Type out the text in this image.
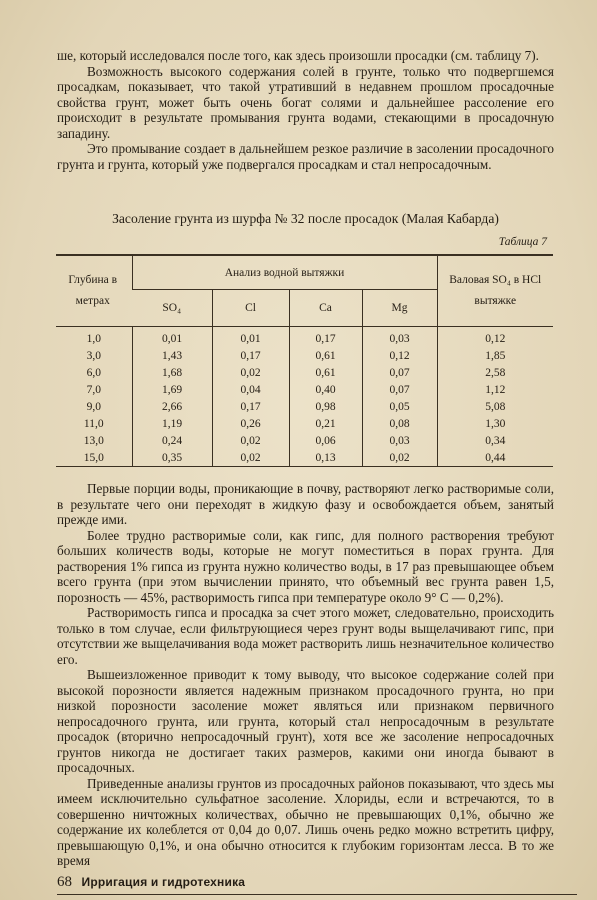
ше, который исследовался после того, как здесь произошли просадки (см. таблицу 7).

Возможность высокого содержания солей в грунте, только что подвергшемся просадкам, показывает, что такой утративший в недавнем прошлом просадочные свойства грунт, может быть очень богат солями и дальнейшее рассоление его происходит в результате промывания грунта водами, стекающими в просадочную западину.

Это промывание создает в дальнейшем резкое различие в засолении просадочного грунта и грунта, который уже подвергался просадкам и стал непросадочным.

Засоление грунта из шурфа № 32 после просадок (Малая Кабарда)
Таблица 7
Глубина в метрах	Анализ водной вытяжки				Валовая SO₄ в HCl вытяжке
	SO₄	Cl	Ca	Mg	
1,0	0,01	0,01	0,17	0,03	0,12
3,0	1,43	0,17	0,61	0,12	1,85
6,0	1,68	0,02	0,61	0,07	2,58
7,0	1,69	0,04	0,40	0,07	1,12
9,0	2,66	0,17	0,98	0,05	5,08
11,0	1,19	0,26	0,21	0,08	1,30
13,0	0,24	0,02	0,06	0,03	0,34
15,0	0,35	0,02	0,13	0,02	0,44

Первые порции воды, проникающие в почву, растворяют легко растворимые соли, в результате чего они переходят в жидкую фазу и освобождается объем, занятый прежде ими.

Более трудно растворимые соли, как гипс, для полного растворения требуют больших количеств воды, которые не могут поместиться в порах грунта. Для растворения 1% гипса из грунта нужно количество воды, в 17 раз превышающее объем всего грунта (при этом вычислении принято, что объемный вес грунта равен 1,5, порозность — 45%, растворимость гипса при температуре около 9° C — 0,2%).

Растворимость гипса и просадка за счет этого может, следовательно, происходить только в том случае, если фильтрующиеся через грунт воды выщелачивают гипс, при отсутствии же выщелачивания вода может растворить лишь незначительное количество его.

Вышеизложенное приводит к тому выводу, что высокое содержание солей при высокой порозности является надежным признаком просадочного грунта, но при низкой порозности засоление может являться или признаком первичного непросадочного грунта, или грунта, который стал непросадочным в результате просадок (вторично непросадочный грунт), хотя все же засоление непросадочных грунтов никогда не достигает таких размеров, какими они иногда бывают в просадочных.

Приведенные анализы грунтов из просадочных районов показывают, что здесь мы имеем исключительно сульфатное засоление. Хлориды, если и встречаются, то в совершенно ничтожных количествах, обычно не превышающих 0,1%, обычно же содержание их колеблется от 0,04 до 0,07. Лишь очень редко можно встретить цифру, превышающую 0,1%, и она обычно относится к глубоким горизонтам лесса. В то же время

68 Ирригация и гидротехника
